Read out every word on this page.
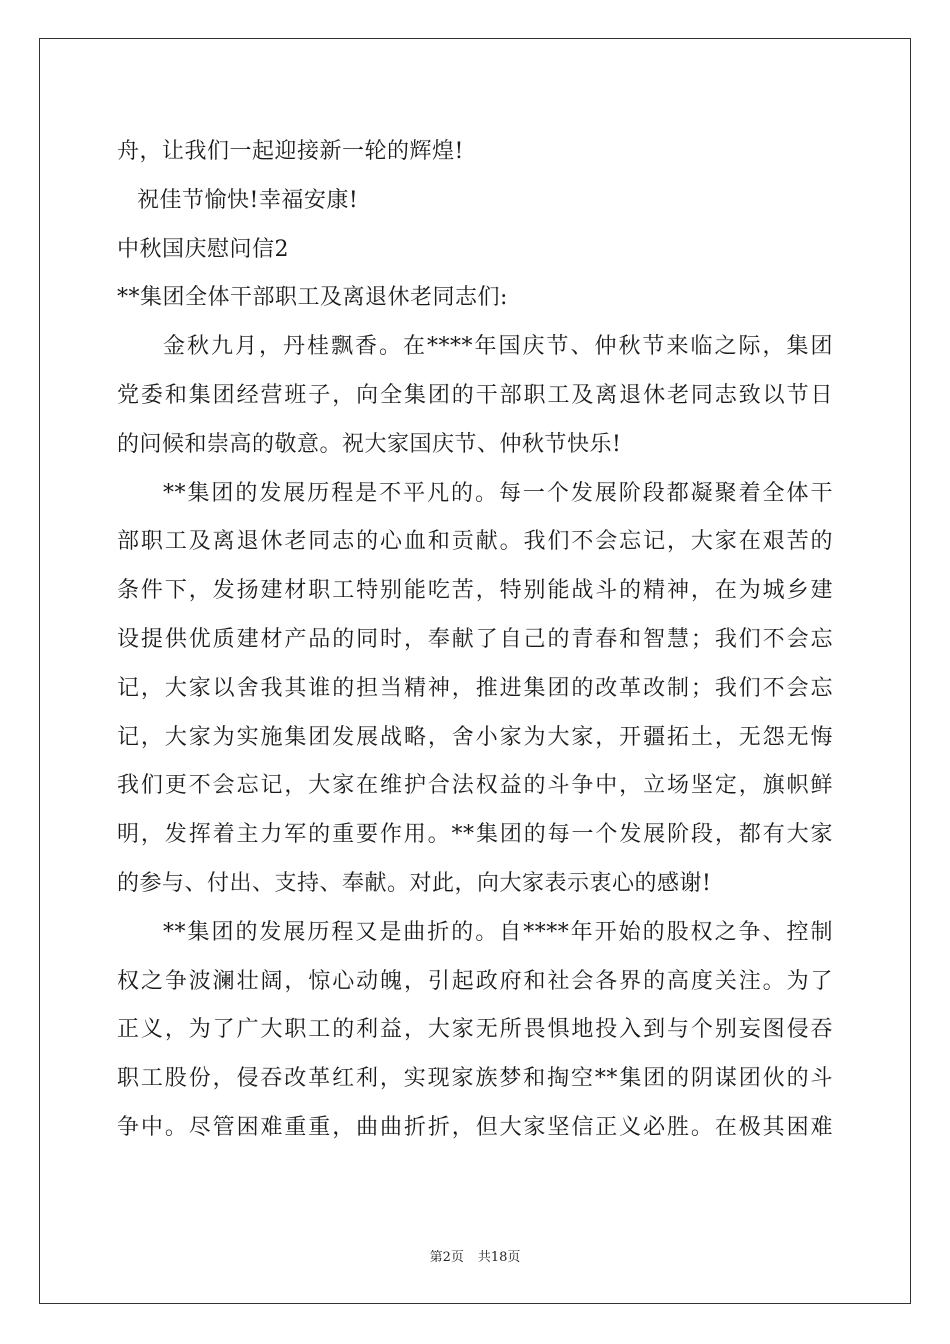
舟，让我们一起迎接新一轮的辉煌!
祝佳节愉快!幸福安康!
中秋国庆慰问信2
**集团全体干部职工及离退休老同志们:
金秋九月，丹桂飘香。在****年国庆节、仲秋节来临之际，集团
党委和集团经营班子，向全集团的干部职工及离退休老同志致以节日
的问候和崇高的敬意。祝大家国庆节、仲秋节快乐!
**集团的发展历程是不平凡的。每一个发展阶段都凝聚着全体干
部职工及离退休老同志的心血和贡献。我们不会忘记，大家在艰苦的
条件下，发扬建材职工特别能吃苦，特别能战斗的精神，在为城乡建
设提供优质建材产品的同时，奉献了自己的青春和智慧；我们不会忘
记，大家以舍我其谁的担当精神，推进集团的改革改制；我们不会忘
记，大家为实施集团发展战略，舍小家为大家，开疆拓土，无怨无悔
我们更不会忘记，大家在维护合法权益的斗争中，立场坚定，旗帜鲜
明，发挥着主力军的重要作用。**集团的每一个发展阶段，都有大家
的参与、付出、支持、奉献。对此，向大家表示衷心的感谢!
**集团的发展历程又是曲折的。自****年开始的股权之争、控制
权之争波澜壮阔，惊心动魄，引起政府和社会各界的高度关注。为了
正义，为了广大职工的利益，大家无所畏惧地投入到与个别妄图侵吞
职工股份，侵吞改革红利，实现家族梦和掏空**集团的阴谋团伙的斗
争中。尽管困难重重，曲曲折折，但大家坚信正义必胜。在极其困难
第2页 共18页
